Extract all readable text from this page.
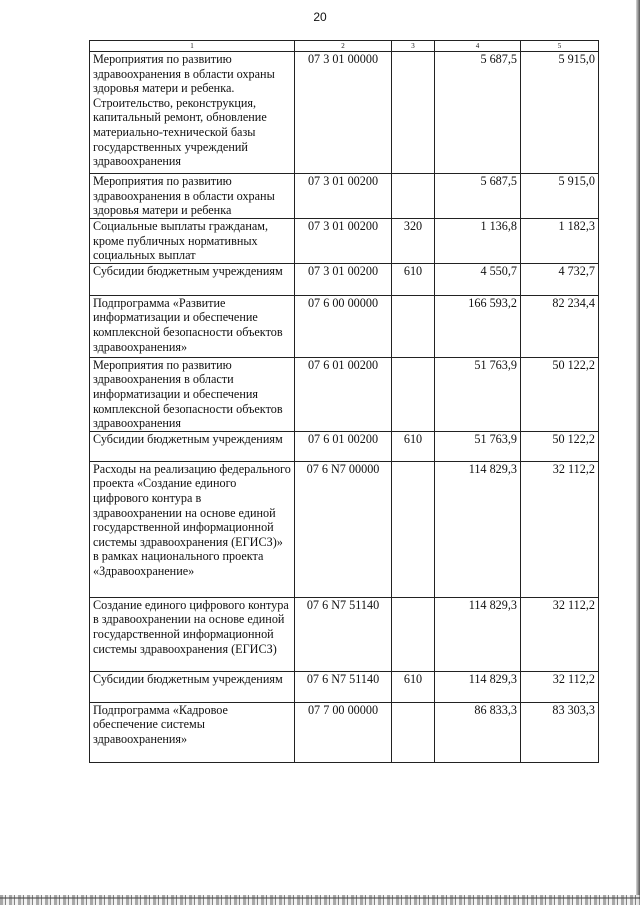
20
1	2	3	4	5
Мероприятия по развитию здравоохранения в области охраны здоровья матери и ребенка. Строительство, реконструкция, капитальный ремонт, обновление материально-технической базы государственных учреждений здравоохранения	07 3 01 00000		5 687,5	5 915,0
Мероприятия по развитию здравоохранения в области охраны здоровья матери и ребенка	07 3 01 00200		5 687,5	5 915,0
Социальные выплаты гражданам, кроме публичных нормативных социальных выплат	07 3 01 00200	320	1 136,8	1 182,3
Субсидии бюджетным учреждениям	07 3 01 00200	610	4 550,7	4 732,7
Подпрограмма «Развитие информатизации и обеспечение комплексной безопасности объектов здравоохранения»	07 6 00 00000		166 593,2	82 234,4
Мероприятия по развитию здравоохранения в области информатизации и обеспечения комплексной безопасности объектов здравоохранения	07 6 01 00200		51 763,9	50 122,2
Субсидии бюджетным учреждениям	07 6 01 00200	610	51 763,9	50 122,2
Расходы на реализацию федерального проекта «Создание единого цифрового контура в здравоохранении на основе единой государственной информационной системы здравоохранения (ЕГИСЗ)» в рамках национального проекта «Здравоохранение»	07 6 N7 00000		114 829,3	32 112,2
Создание единого цифрового контура в здравоохранении на основе единой государственной информационной системы здравоохранения (ЕГИСЗ)	07 6 N7 51140		114 829,3	32 112,2
Субсидии бюджетным учреждениям	07 6 N7 51140	610	114 829,3	32 112,2
Подпрограмма «Кадровое обеспечение системы здравоохранения»	07 7 00 00000		86 833,3	83 303,3
